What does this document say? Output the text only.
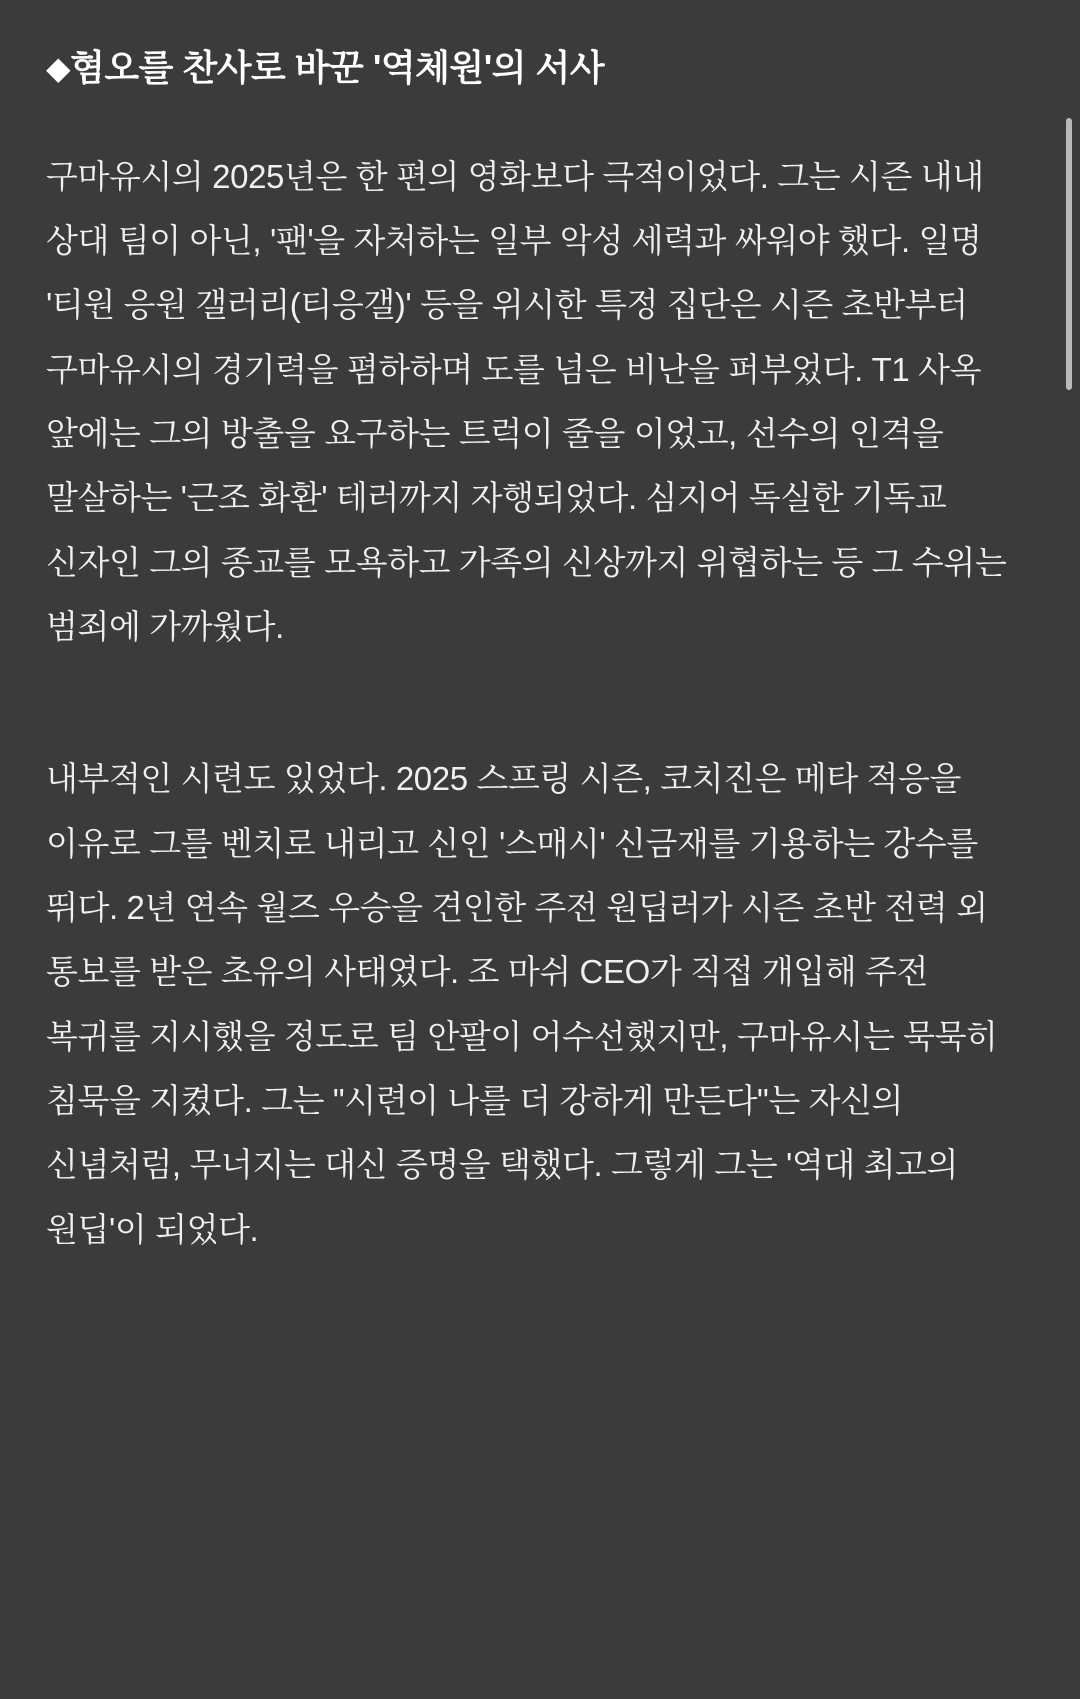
◆혐오를 찬사로 바꾼 '역체원'의 서사

구마유시의 2025년은 한 편의 영화보다 극적이었다. 그는 시즌 내내 상대 팀이 아닌, '팬'을 자처하는 일부 악성 세력과 싸워야 했다. 일명 '티원 응원 갤러리(티응갤)' 등을 위시한 특정 집단은 시즌 초반부터 구마유시의 경기력을 폄하하며 도를 넘은 비난을 퍼부었다. T1 사옥 앞에는 그의 방출을 요구하는 트럭이 줄을 이었고, 선수의 인격을 말살하는 '근조 화환' 테러까지 자행되었다. 심지어 독실한 기독교 신자인 그의 종교를 모욕하고 가족의 신상까지 위협하는 등 그 수위는 범죄에 가까웠다.

내부적인 시련도 있었다. 2025 스프링 시즌, 코치진은 메타 적응을 이유로 그를 벤치로 내리고 신인 '스매시' 신금재를 기용하는 강수를 뛰다. 2년 연속 월즈 우승을 견인한 주전 원딥러가 시즌 초반 전력 외 통보를 받은 초유의 사태였다. 조 마쉬 CEO가 직접 개입해 주전 복귀를 지시했을 정도로 팀 안팔이 어수선했지만, 구마유시는 묵묵히 침묵을 지켰다. 그는 "시련이 나를 더 강하게 만든다"는 자신의 신념처럼, 무너지는 대신 증명을 택했다. 그렇게 그는 '역대 최고의 원딥'이 되었다.
